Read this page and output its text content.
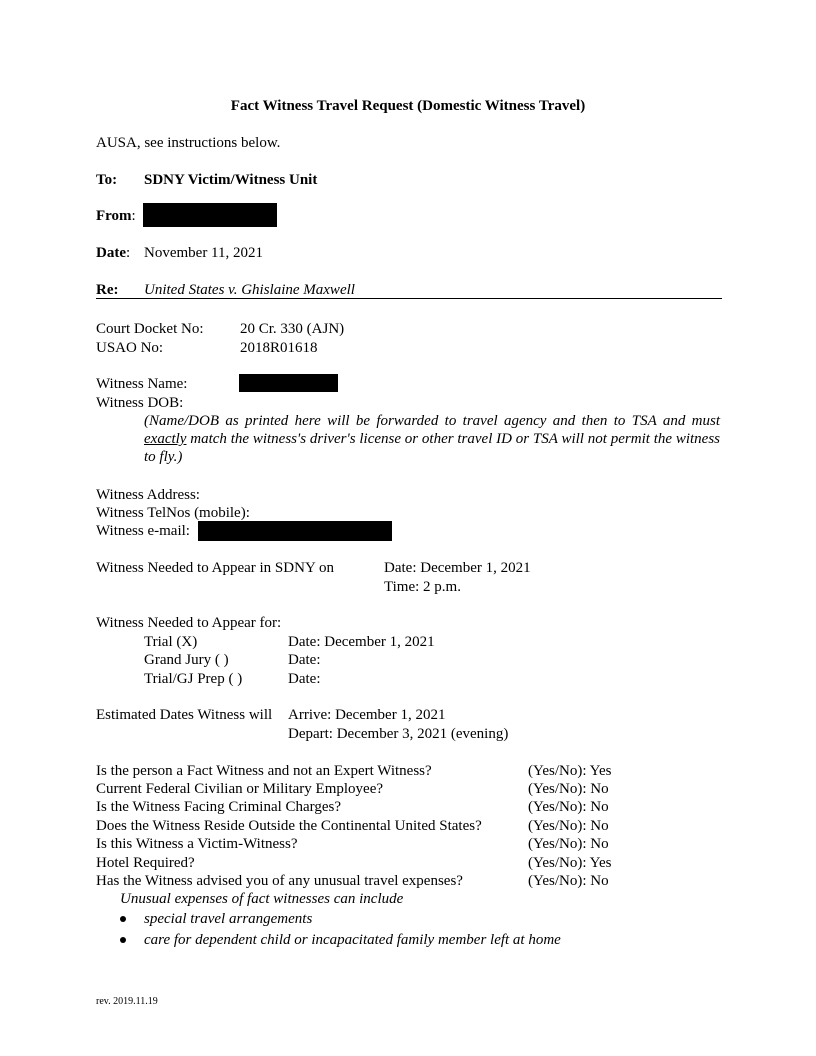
Fact Witness Travel Request (Domestic Witness Travel)
AUSA, see instructions below.
To: SDNY Victim/Witness Unit
From:
Date: November 11, 2021
Re: United States v. Ghislaine Maxwell
Court Docket No: 20 Cr. 330 (AJN)
USAO No:	2018R01618
Witness Name:
Witness DOB:
(Name/DOB as printed here will be forwarded to travel agency and then to TSA and must exactly match the witness's driver's license or other travel ID or TSA will not permit the witness to fly.)
Witness Address:
Witness TelNos (mobile):
Witness e-mail:
Witness Needed to Appear in SDNY on	Date: December 1, 2021
Time: 2 p.m.
Witness Needed to Appear for:
Trial (X)	Date: December 1, 2021
Grand Jury ( )	Date:
Trial/GJ Prep ( )	Date:
Estimated Dates Witness will Arrive: December 1, 2021
Depart: December 3, 2021 (evening)
Is the person a Fact Witness and not an Expert Witness?	(Yes/No): Yes
Current Federal Civilian or Military Employee?	(Yes/No): No
Is the Witness Facing Criminal Charges?	(Yes/No): No
Does the Witness Reside Outside the Continental United States?	(Yes/No): No
Is this Witness a Victim-Witness?	(Yes/No): No
Hotel Required?	(Yes/No): Yes
Has the Witness advised you of any unusual travel expenses?	(Yes/No): No
Unusual expenses of fact witnesses can include
special travel arrangements
care for dependent child or incapacitated family member left at home
rev. 2019.11.19
